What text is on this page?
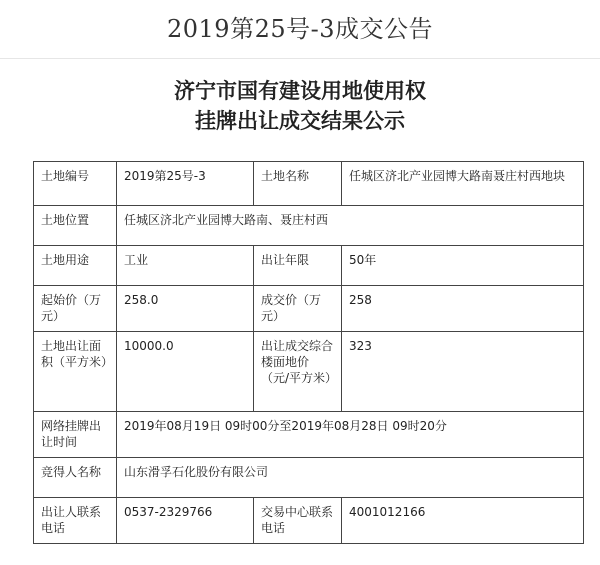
2019第25号-3成交公告
济宁市国有建设用地使用权
挂牌出让成交结果公示
土地编号	2019第25号-3	土地名称	任城区济北产业园博大路南聂庄村西地块
土地位置	任城区济北产业园博大路南、聂庄村西		
土地用途	工业	出让年限	50年
起始价（万元）	258.0	成交价（万元）	258
土地出让面积（平方米）	10000.0	出让成交综合楼面地价（元/平方米）	323
网络挂牌出让时间	2019年08月19日 09时00分至2019年08月28日 09时20分		
竞得人名称	山东滑孚石化股份有限公司		
出让人联系电话	0537-2329766	交易中心联系电话	4001012166
